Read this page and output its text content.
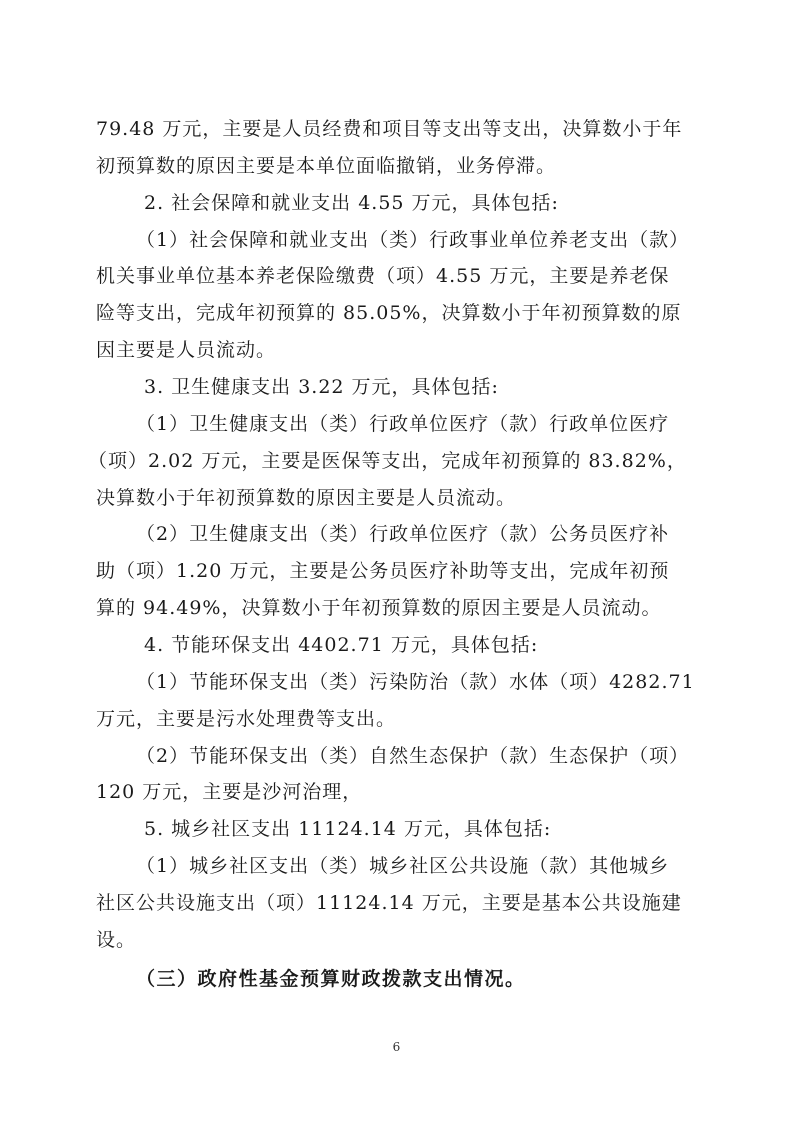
79.48 万元，主要是人员经费和项目等支出等支出，决算数小于年
初预算数的原因主要是本单位面临撤销，业务停滞。
2. 社会保障和就业支出 4.55 万元，具体包括:
（1）社会保障和就业支出（类）行政事业单位养老支出（款）
机关事业单位基本养老保险缴费（项）4.55 万元，主要是养老保
险等支出，完成年初预算的 85.05%，决算数小于年初预算数的原
因主要是人员流动。
3. 卫生健康支出 3.22 万元，具体包括:
（1）卫生健康支出（类）行政单位医疗（款）行政单位医疗
（项）2.02 万元，主要是医保等支出，完成年初预算的 83.82%，
决算数小于年初预算数的原因主要是人员流动。
（2）卫生健康支出（类）行政单位医疗（款）公务员医疗补
助（项）1.20 万元，主要是公务员医疗补助等支出，完成年初预
算的 94.49%，决算数小于年初预算数的原因主要是人员流动。
4. 节能环保支出 4402.71 万元，具体包括:
（1）节能环保支出（类）污染防治（款）水体（项）4282.71
万元，主要是污水处理费等支出。
（2）节能环保支出（类）自然生态保护（款）生态保护（项）
120 万元，主要是沙河治理，
5. 城乡社区支出 11124.14 万元，具体包括:
（1）城乡社区支出（类）城乡社区公共设施（款）其他城乡
社区公共设施支出（项）11124.14 万元，主要是基本公共设施建
设。
（三）政府性基金预算财政拨款支出情况。
6
